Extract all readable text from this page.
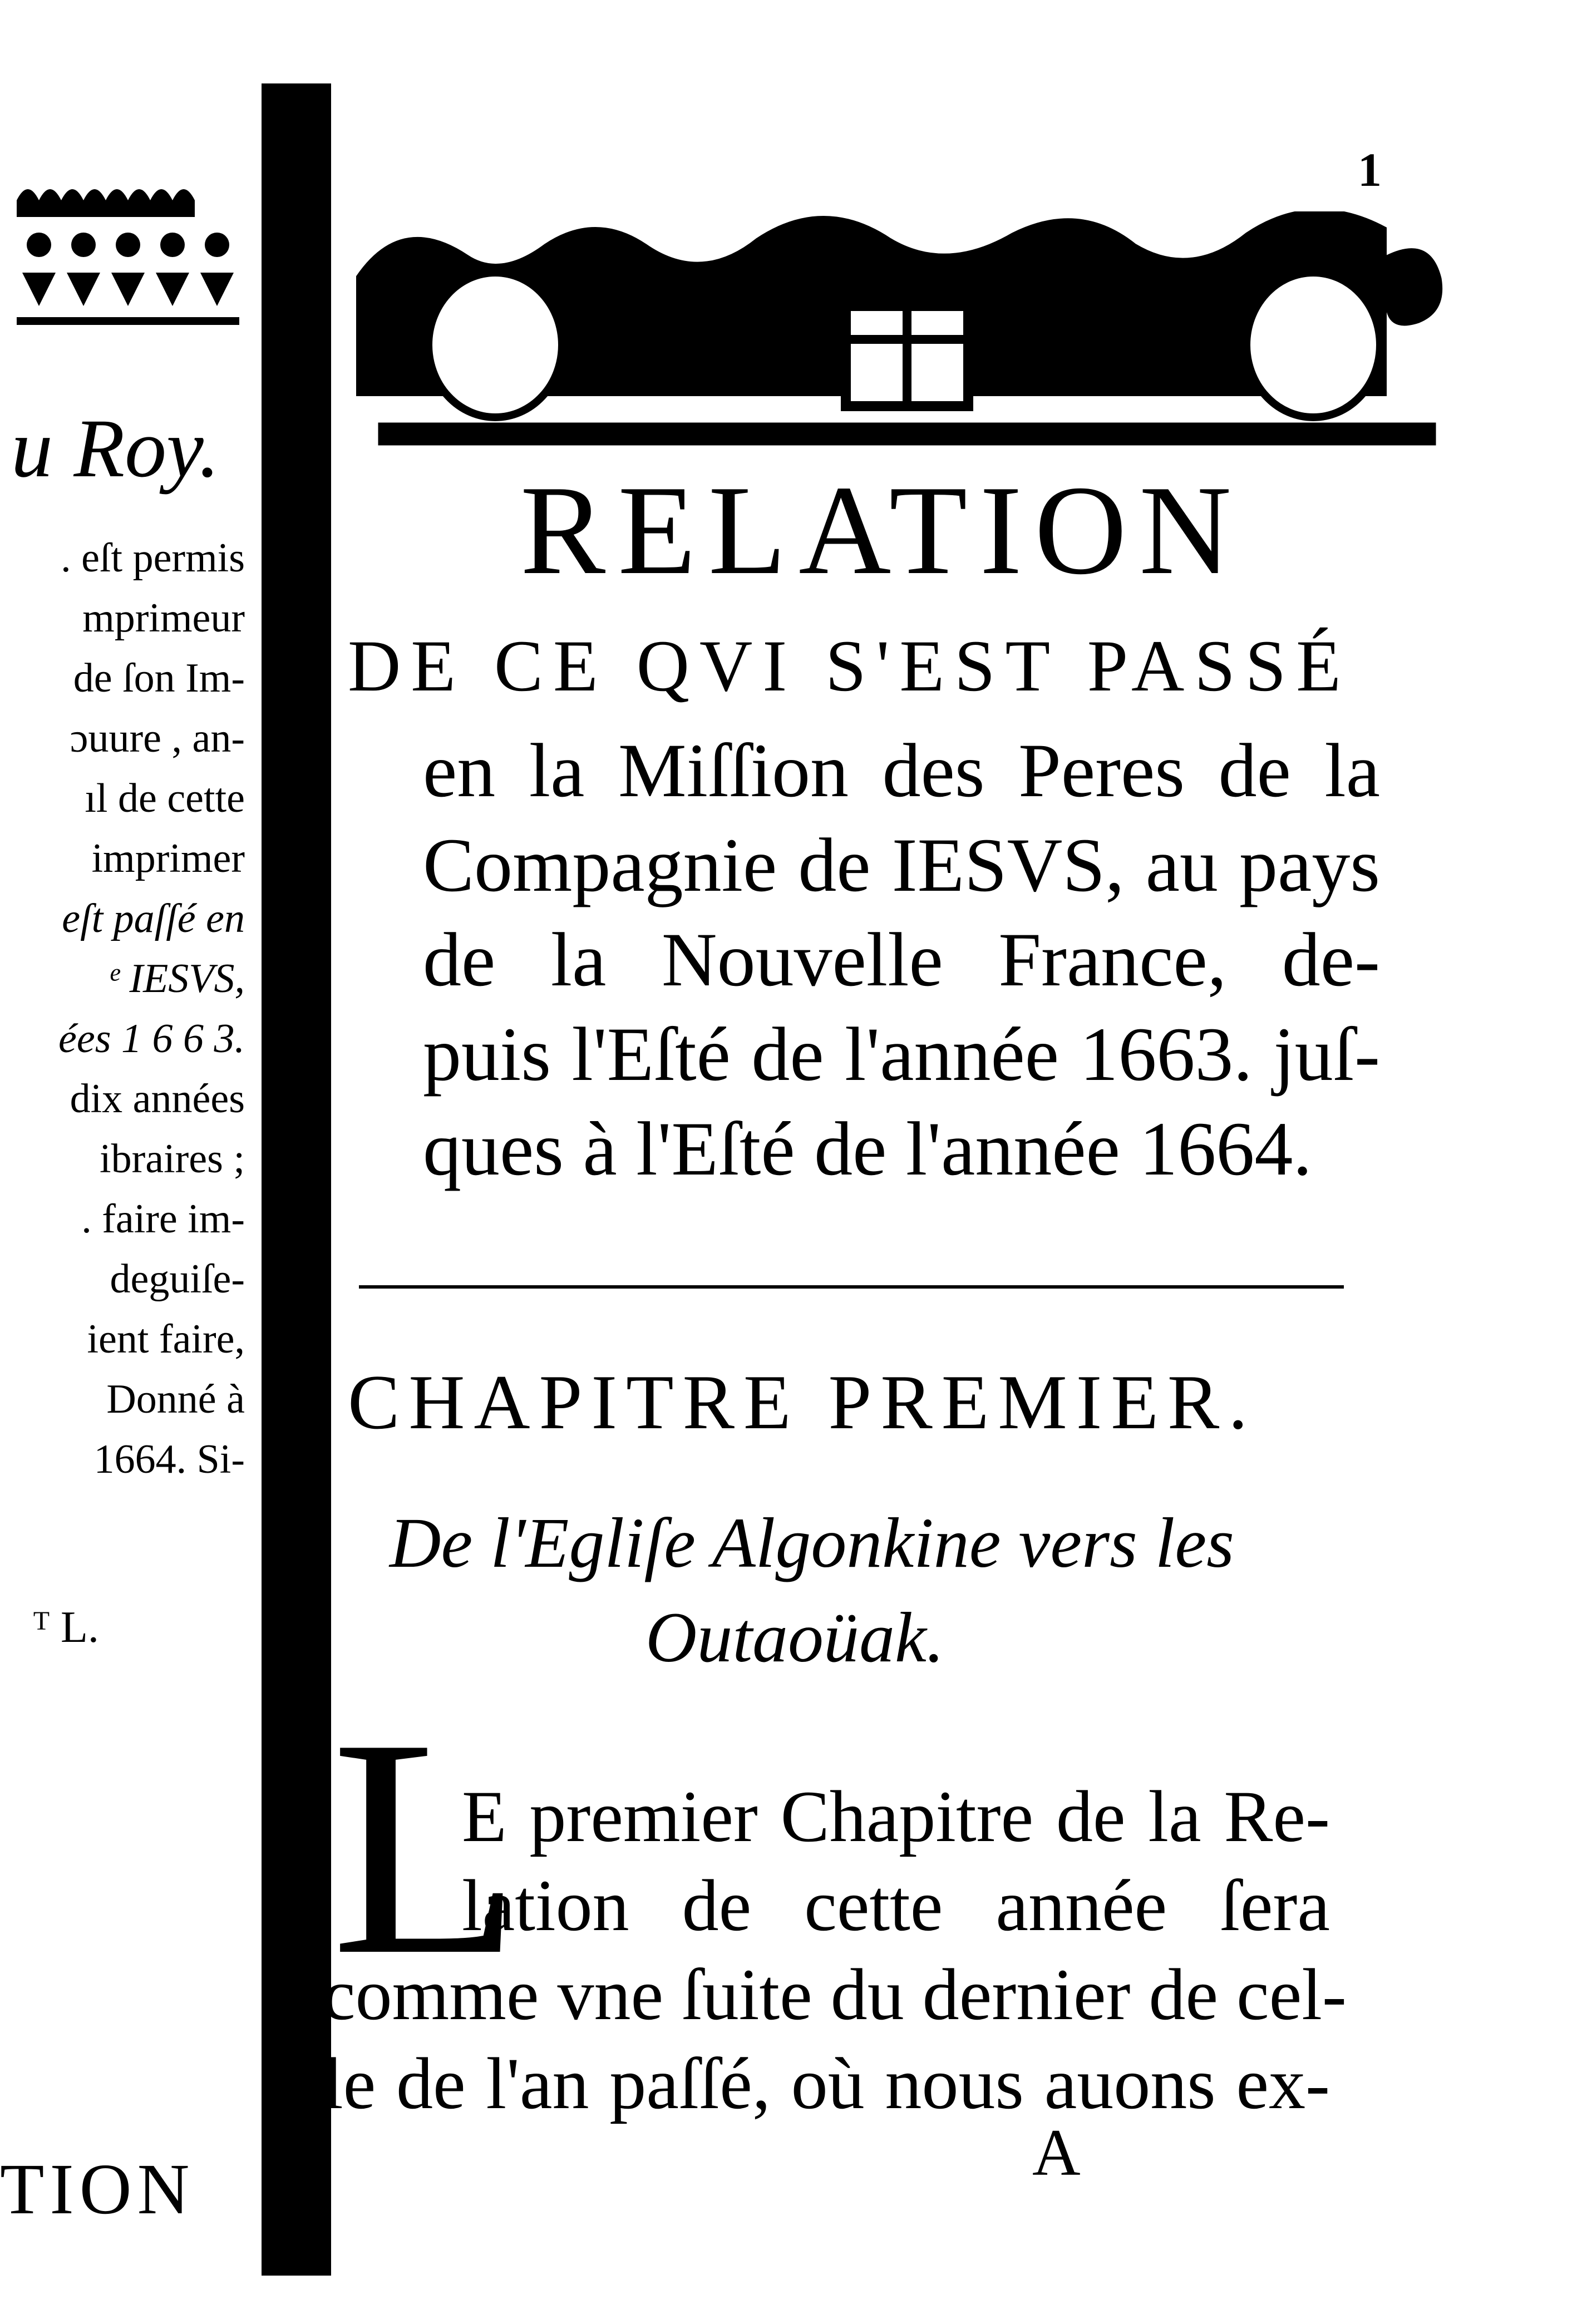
u Roy.
. eſt permis
mprimeur
de ſon Im-
ɔuure , an-
ıl de cette
imprimer
eſt paſſé en
ᵉ IESVS,
ées 1 6 6 3.
dix années
ibraires ;
. faire im-
deguiſe-
ient faire,
Donné à
1664. Si-
ᵀ L.
TION
1
RELATION
DE CE QVI S'EST PASSÉ
en la Miſſion des Peres de la
Compagnie de IESVS, au pays
de la Nouvelle France, de-
puis l'Eſté de l'année 1663. juſ-
ques à l'Eſté de l'année 1664.
CHAPITRE PREMIER.
De l'Egliſe Algonkine vers les
Outaoüak.
L
E premier Chapitre de la Re-
lation de cette année ſera
comme vne ſuite du dernier de cel-
le de l'an paſſé, où nous auons ex-
A
